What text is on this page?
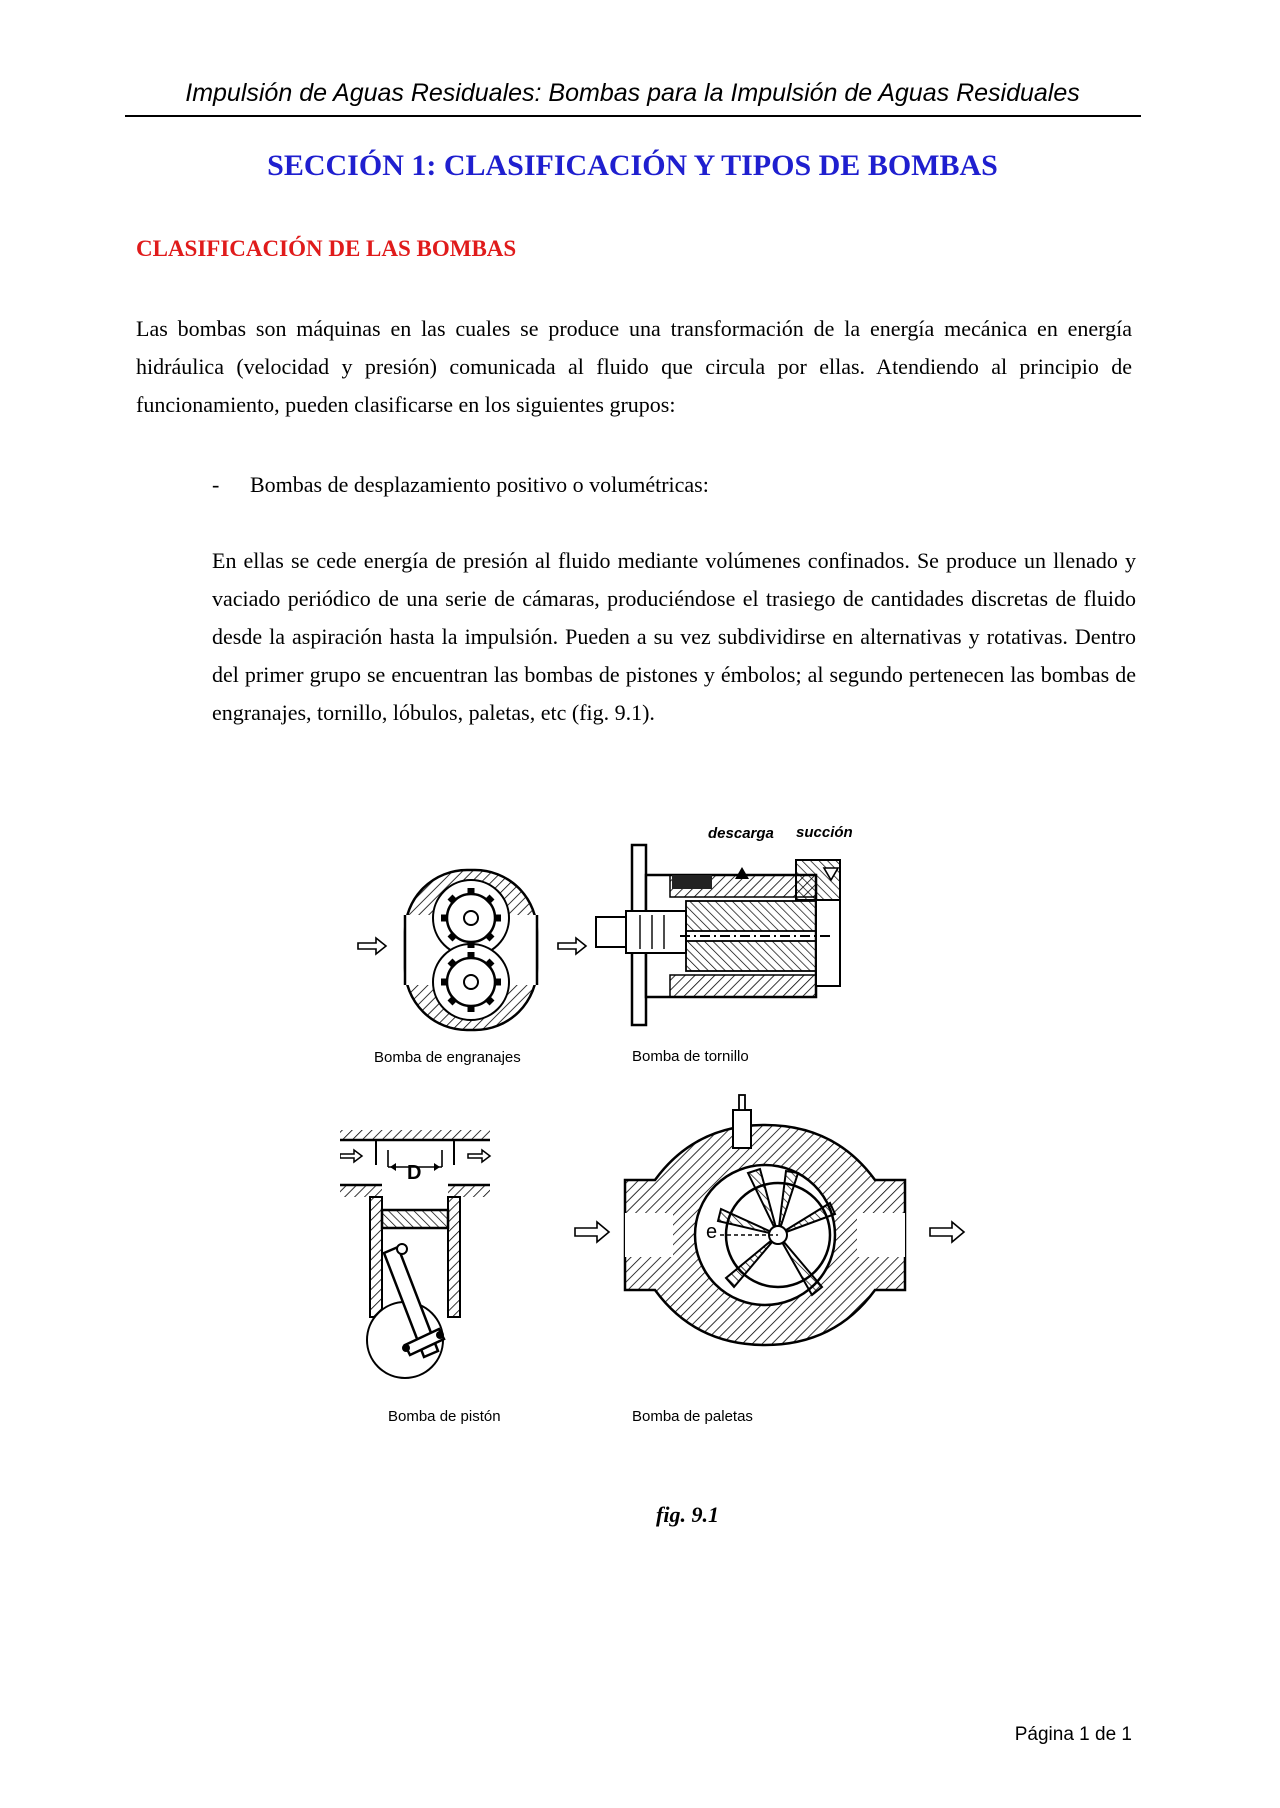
Impulsión de Aguas Residuales: Bombas para la Impulsión de Aguas Residuales
SECCIÓN 1: CLASIFICACIÓN Y TIPOS DE BOMBAS
CLASIFICACIÓN DE LAS BOMBAS

Las bombas son máquinas en las cuales se produce una transformación de la energía mecánica en energía hidráulica (velocidad y presión) comunicada al fluido que circula por ellas. Atendiendo al principio de funcionamiento, pueden clasificarse en los siguientes grupos:

- Bombas de desplazamiento positivo o volumétricas:

En ellas se cede energía de presión al fluido mediante volúmenes confinados. Se produce un llenado y vaciado periódico de una serie de cámaras, produciéndose el trasiego de cantidades discretas de fluido desde la aspiración hasta la impulsión. Pueden a su vez subdividirse en alternativas y rotativas. Dentro del primer grupo se encuentran las bombas de pistones y émbolos; al segundo pertenecen las bombas de engranajes, tornillo, lóbulos, paletas, etc (fig. 9.1).

Bomba de engranajes	Bomba de tornillo
Bomba de pistón	Bomba de paletas
descarga succión
D
e
fig. 9.1
Página 1 de 1
